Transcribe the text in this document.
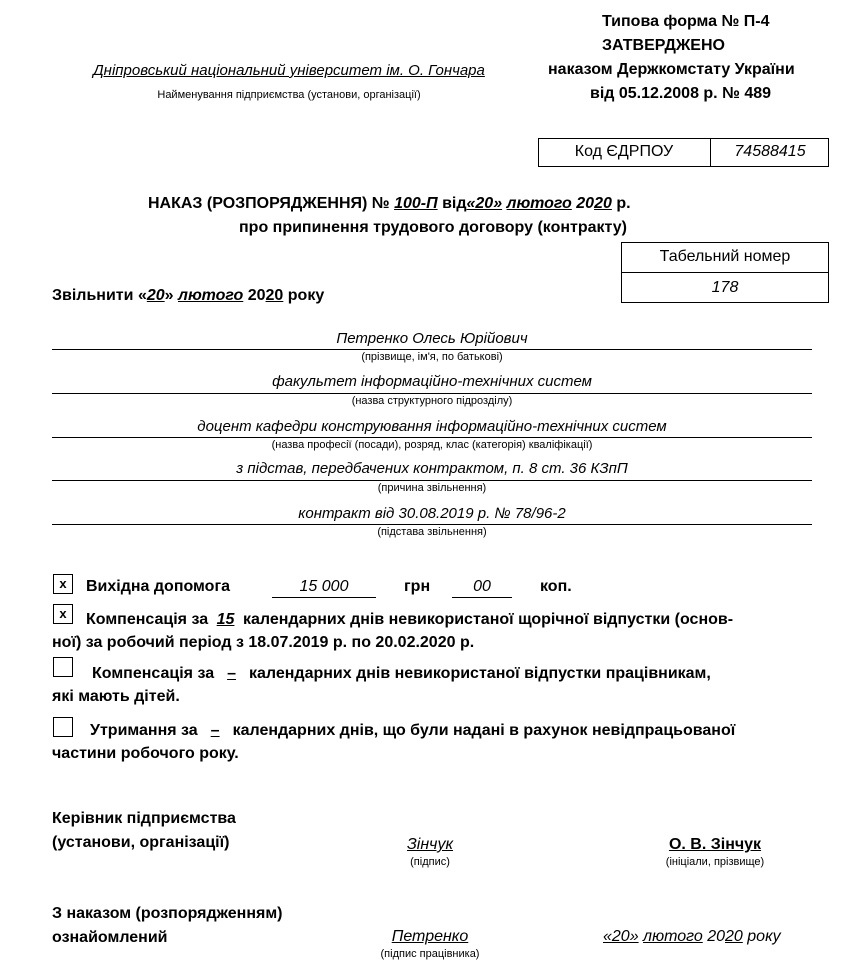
Дніпровський національний університет ім. О. Гончара
Найменування підприємства (установи, організації)
Типова форма № П-4
ЗАТВЕРДЖЕНО
наказом Держкомстату України
від 05.12.2008 р. № 489
Код ЄДРПОУ	74588415
НАКАЗ (РОЗПОРЯДЖЕННЯ) № 100-П від«20» лютого 2020 р.
про припинення трудового договору (контракту)
Табельний номер
178
Звільнити «20» лютого 2020 року
Петренко Олесь Юрійович
(прізвище, ім'я, по батькові)
факультет інформаційно-технічних систем
(назва структурного підрозділу)
доцент кафедри конструювання інформаційно-технічних систем
(назва професії (посади), розряд, клас (категорія) кваліфікації)
з підстав, передбачених контрактом, п. 8 ст. 36 КЗпП
(причина звільнення)
контракт від 30.08.2019 р. № 78/96-2
(підстава звільнення)
x	Вихідна допомога	15 000	грн	00	коп.
x	Компенсація за 15 календарних днів невикористаної щорічної відпустки (основ-
ної) за робочий період з 18.07.2019 р. по 20.02.2020 р.
Компенсація за – календарних днів невикористаної відпустки працівникам,
які мають дітей.
Утримання за – календарних днів, що були надані в рахунок невідпрацьованої
частини робочого року.
Керівник підприємства
(установи, організації)	Зінчук
(підпис)
О. В. Зінчук
(ініціали, прізвище)
З наказом (розпорядженням)
ознайомлений	Петренко
(підпис працівника)
«20» лютого 2020 року
